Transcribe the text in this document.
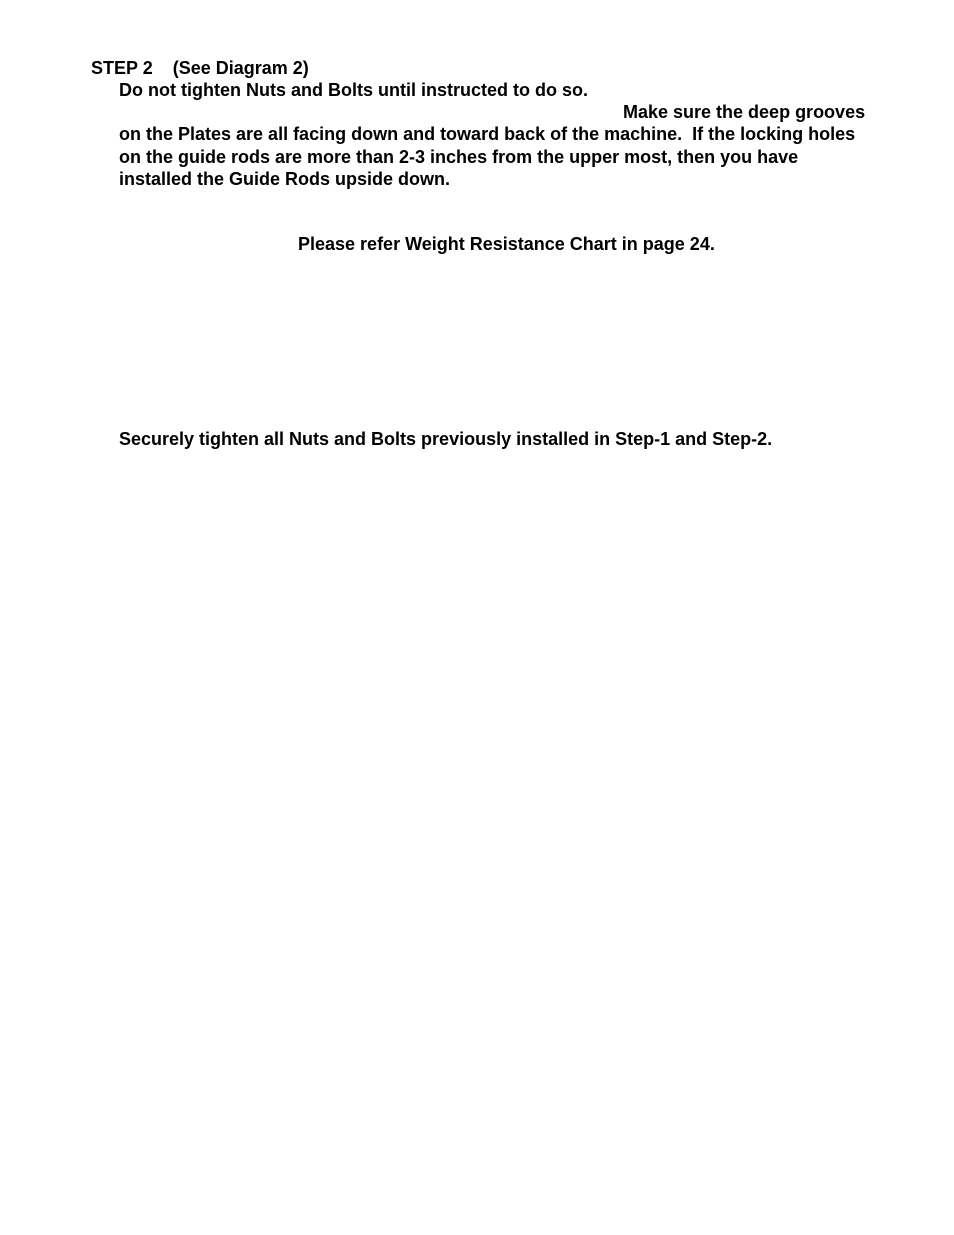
STEP 2 (See Diagram 2)

Do not tighten Nuts and Bolts until instructed to do so.

Make sure the deep grooves

on the Plates are all facing down and toward back of the machine.  If the locking holes

on the guide rods are more than 2-3 inches from the upper most, then you have

installed the Guide Rods upside down.

Please refer Weight Resistance Chart in page 24.

Securely tighten all Nuts and Bolts previously installed in Step-1 and Step-2.
